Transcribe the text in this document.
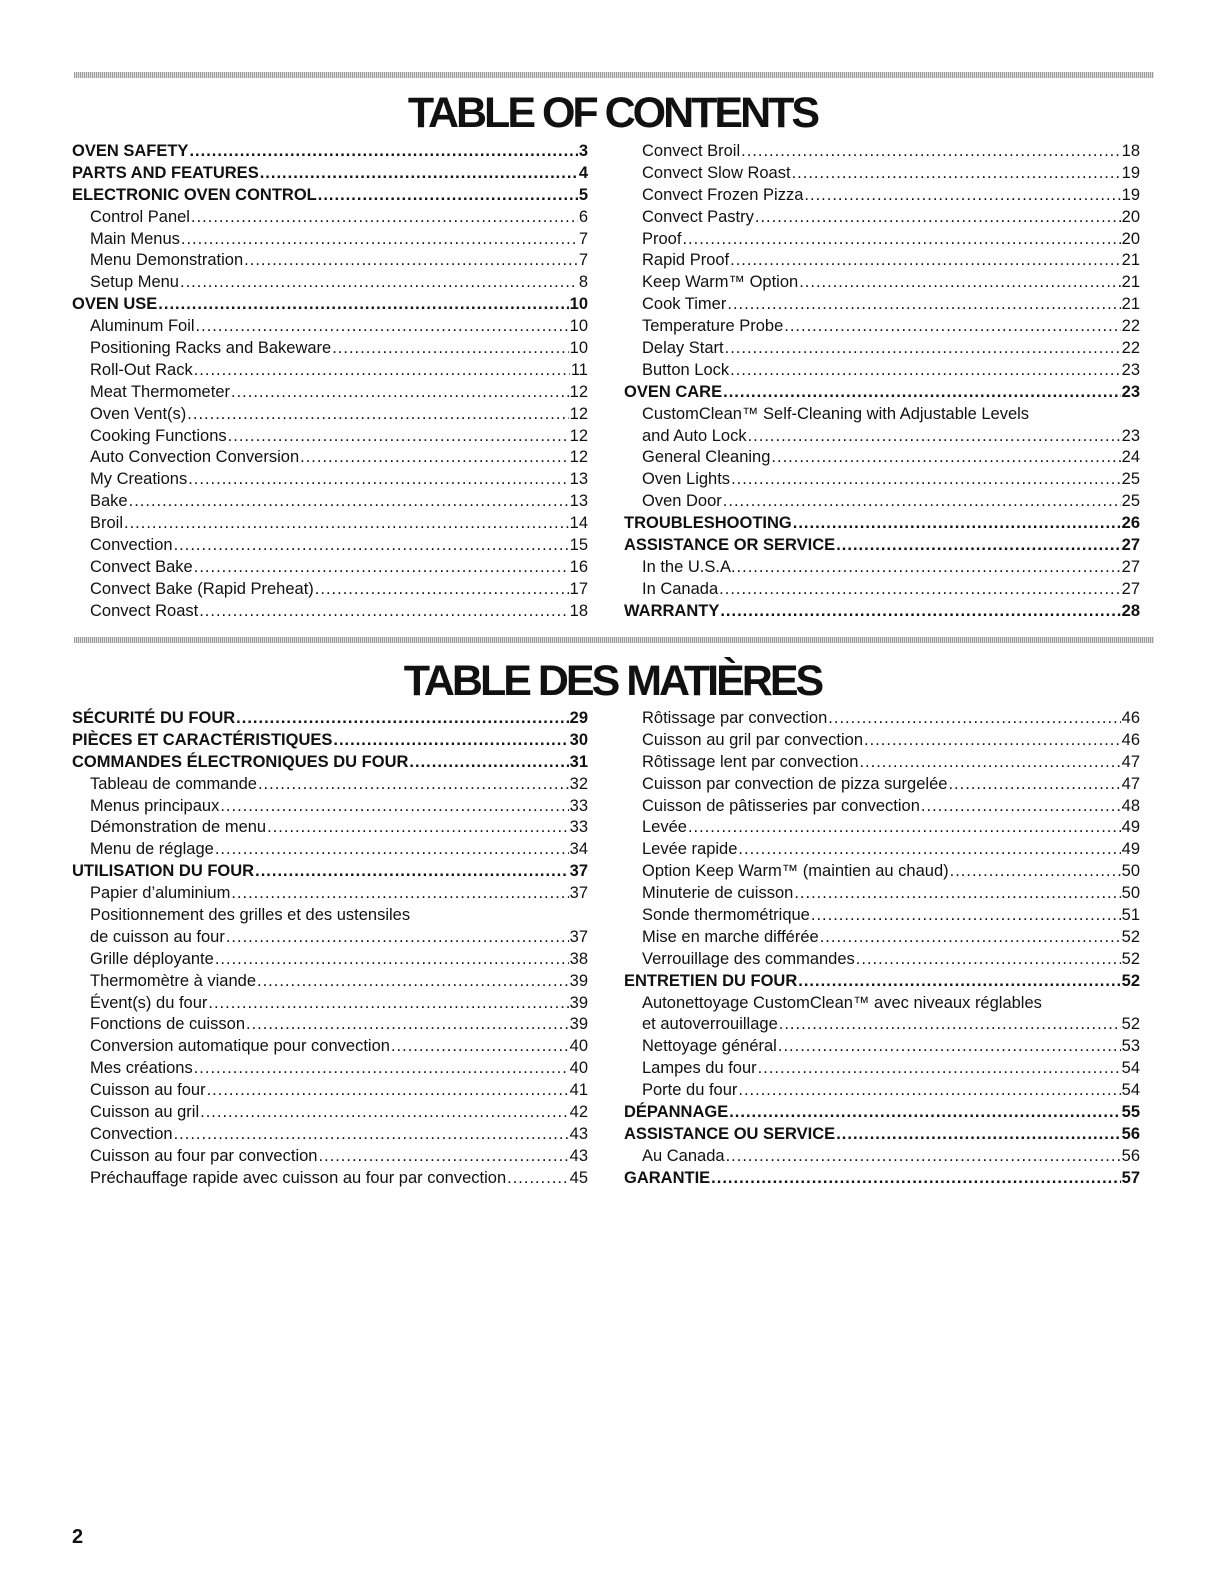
TABLE OF CONTENTS
OVEN SAFETY .....	3
PARTS AND FEATURES .....	4
ELECTRONIC OVEN CONTROL .....	5
Control Panel .....	6
Main Menus .....	7
Menu Demonstration .....	7
Setup Menu .....	8
OVEN USE .....	10
Aluminum Foil .....	10
Positioning Racks and Bakeware .....	10
Roll-Out Rack .....	11
Meat Thermometer .....	12
Oven Vent(s) .....	12
Cooking Functions .....	12
Auto Convection Conversion .....	12
My Creations .....	13
Bake .....	13
Broil .....	14
Convection .....	15
Convect Bake .....	16
Convect Bake (Rapid Preheat) .....	17
Convect Roast .....	18
Convect Broil .....	18
Convect Slow Roast .....	19
Convect Frozen Pizza .....	19
Convect Pastry .....	20
Proof .....	20
Rapid Proof .....	21
Keep Warm™ Option .....	21
Cook Timer .....	21
Temperature Probe .....	22
Delay Start .....	22
Button Lock .....	23
OVEN CARE .....	23
CustomClean™ Self-Cleaning with Adjustable Levels
and Auto Lock .....	23
General Cleaning .....	24
Oven Lights .....	25
Oven Door .....	25
TROUBLESHOOTING .....	26
ASSISTANCE OR SERVICE .....	27
In the U.S.A. .....	27
In Canada .....	27
WARRANTY .....	28
TABLE DES MATIÈRES
SÉCURITÉ DU FOUR .....	29
PIÈCES ET CARACTÉRISTIQUES .....	30
COMMANDES ÉLECTRONIQUES DU FOUR .....	31
Tableau de commande .....	32
Menus principaux .....	33
Démonstration de menu .....	33
Menu de réglage .....	34
UTILISATION DU FOUR .....	37
Papier d’aluminium .....	37
Positionnement des grilles et des ustensiles
de cuisson au four .....	37
Grille déployante .....	38
Thermomètre à viande .....	39
Évent(s) du four .....	39
Fonctions de cuisson .....	39
Conversion automatique pour convection .....	40
Mes créations .....	40
Cuisson au four .....	41
Cuisson au gril .....	42
Convection .....	43
Cuisson au four par convection .....	43
Préchauffage rapide avec cuisson au four par convection .....	45
Rôtissage par convection .....	46
Cuisson au gril par convection .....	46
Rôtissage lent par convection .....	47
Cuisson par convection de pizza surgelée .....	47
Cuisson de pâtisseries par convection .....	48
Levée .....	49
Levée rapide .....	49
Option Keep Warm™ (maintien au chaud) .....	50
Minuterie de cuisson .....	50
Sonde thermométrique .....	51
Mise en marche différée .....	52
Verrouillage des commandes .....	52
ENTRETIEN DU FOUR .....	52
Autonettoyage CustomClean™ avec niveaux réglables
et autoverrouillage .....	52
Nettoyage général .....	53
Lampes du four .....	54
Porte du four .....	54
DÉPANNAGE .....	55
ASSISTANCE OU SERVICE .....	56
Au Canada .....	56
GARANTIE .....	57

2
